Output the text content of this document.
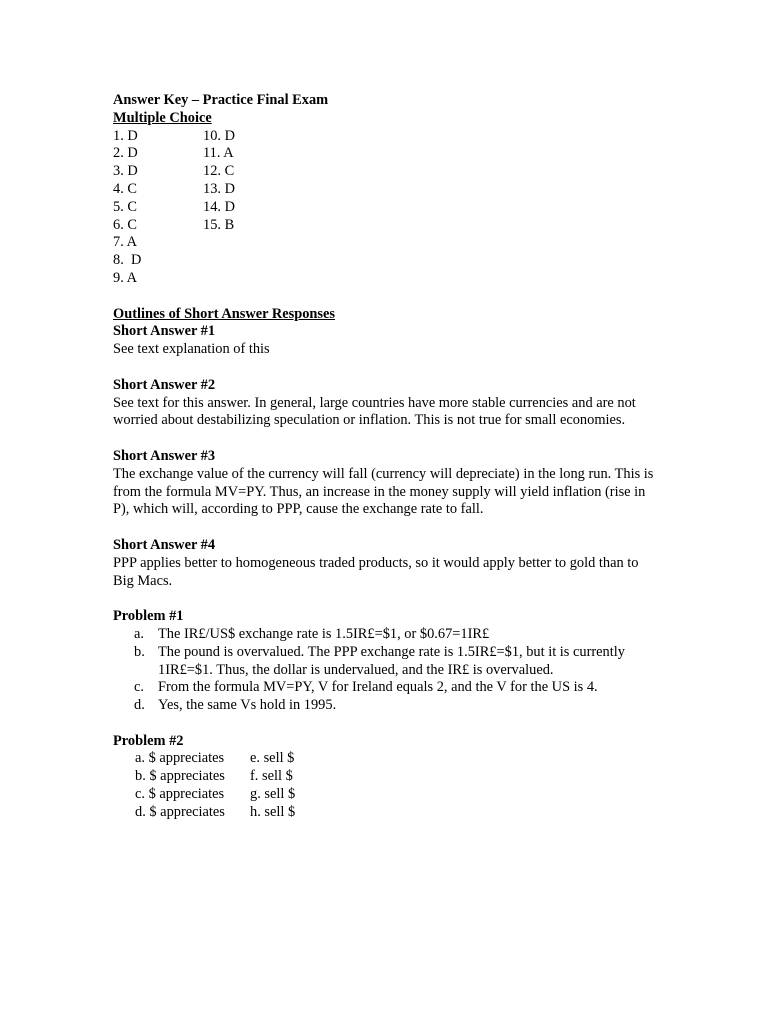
Answer Key – Practice Final Exam
Multiple Choice
1. D	10. D
2. D	11. A
3. D	12. C
4. C	13. D
5. C	14. D
6. C	15. B
7. A
8.  D
9. A
Outlines of Short Answer Responses
Short Answer #1
See text explanation of this
Short Answer #2
See text for this answer. In general, large countries have more stable currencies and are not worried about destabilizing speculation or inflation. This is not true for small economies.
Short Answer #3
The exchange value of the currency will fall (currency will depreciate) in the long run. This is from the formula MV=PY. Thus, an increase in the money supply will yield inflation (rise in P), which will, according to PPP, cause the exchange rate to fall.
Short Answer #4
PPP applies better to homogeneous traded products, so it would apply better to gold than to Big Macs.
Problem #1
a. The IR£/US$ exchange rate is 1.5IR£=$1, or $0.67=1IR£
b. The pound is overvalued. The PPP exchange rate is 1.5IR£=$1, but it is currently 1IR£=$1. Thus, the dollar is undervalued, and the IR£ is overvalued.
c. From the formula MV=PY, V for Ireland equals 2, and the V for the US is 4.
d. Yes, the same Vs hold in 1995.
Problem #2
a. $ appreciates	e. sell $
b. $ appreciates	f. sell $
c. $ appreciates	g. sell $
d. $ appreciates	h. sell $
